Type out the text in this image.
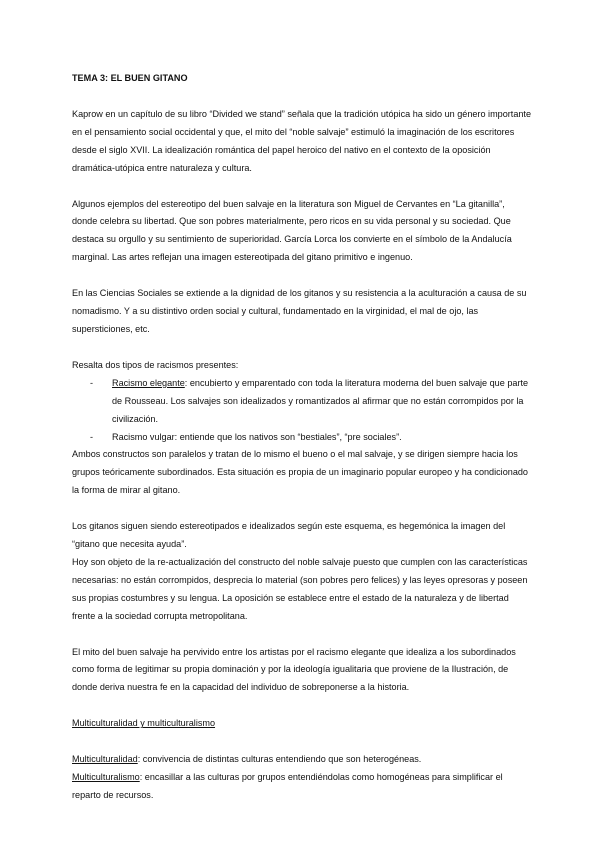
TEMA 3: EL BUEN GITANO

Kaprow en un capítulo de su libro “Divided we stand” señala que la tradición utópica ha sido un género importante en el pensamiento social occidental y que, el mito del “noble salvaje” estimuló la imaginación de los escritores desde el siglo XVII. La idealización romántica del papel heroico del nativo en el contexto de la oposición dramática-utópica entre naturaleza y cultura.

Algunos ejemplos del estereotipo del buen salvaje en la literatura son Miguel de Cervantes en “La gitanilla”, donde celebra su libertad. Que son pobres materialmente, pero ricos en su vida personal y su sociedad. Que destaca su orgullo y su sentimiento de superioridad. García Lorca los convierte en el símbolo de la Andalucía marginal. Las artes reflejan una imagen estereotipada del gitano primitivo e ingenuo.

En las Ciencias Sociales se extiende a la dignidad de los gitanos y su resistencia a la aculturación a causa de su nomadismo. Y a su distintivo orden social y cultural, fundamentado en la virginidad, el mal de ojo, las supersticiones, etc.

Resalta dos tipos de racismos presentes:
- Racismo elegante: encubierto y emparentado con toda la literatura moderna del buen salvaje que parte de Rousseau. Los salvajes son idealizados y romantizados al afirmar que no están corrompidos por la civilización.
- Racismo vulgar: entiende que los nativos son “bestiales”, “pre sociales”.

Ambos constructos son paralelos y tratan de lo mismo el bueno o el mal salvaje, y se dirigen siempre hacia los grupos teóricamente subordinados. Esta situación es propia de un imaginario popular europeo y ha condicionado la forma de mirar al gitano.

Los gitanos siguen siendo estereotipados e idealizados según este esquema, es hegemónica la imagen del “gitano que necesita ayuda”.

Hoy son objeto de la re-actualización del constructo del noble salvaje puesto que cumplen con las características necesarias: no están corrompidos, desprecia lo material (son pobres pero felices) y las leyes opresoras y poseen sus propias costumbres y su lengua. La oposición se establece entre el estado de la naturaleza y de libertad frente a la sociedad corrupta metropolitana.

El mito del buen salvaje ha pervivido entre los artistas por el racismo elegante que idealiza a los subordinados como forma de legitimar su propia dominación y por la ideología igualitaria que proviene de la Ilustración, de donde deriva nuestra fe en la capacidad del individuo de sobreponerse a la historia.

Multiculturalidad y multiculturalismo
Multiculturalidad: convivencia de distintas culturas entendiendo que son heterogéneas.
Multiculturalismo: encasillar a las culturas por grupos entendiéndolas como homogéneas para simplificar el reparto de recursos.
